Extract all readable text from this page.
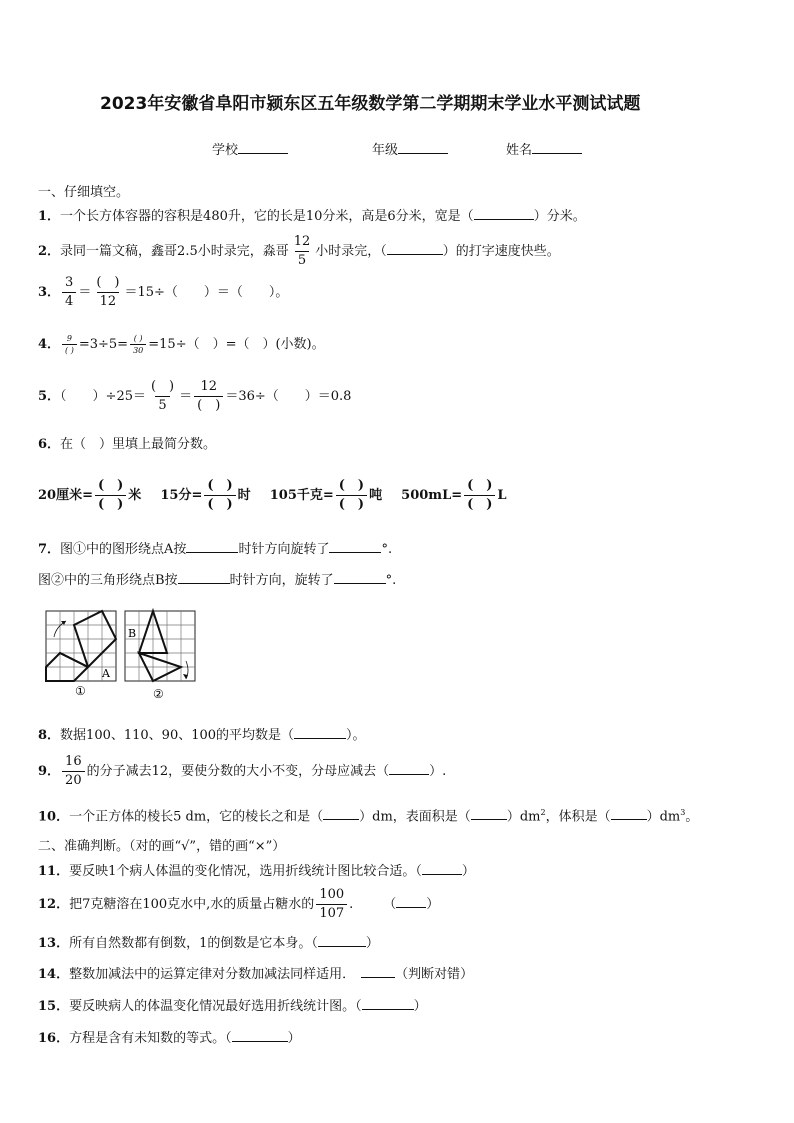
2023年安徽省阜阳市颍东区五年级数学第二学期期末学业水平测试试题
学校	年级	姓名
一、仔细填空。
1．一个长方体容器的容积是480升，它的长是10分米，高是6分米，宽是（	）分米。
2．录同一篇文稿，鑫哥2.5小时录完，淼哥 $\frac{12}{5}$ 小时录完，（	）的打字速度快些。
3． $\frac{3}{4} = \frac{( )}{12} =15\div$（　　）＝（　　）。
4． $\frac{9}{( )} =3\div 5= \frac{( )}{30} =15\div$（　）=（　）(小数)。
5．（　　）$\div 25= \frac{( )}{5} = \frac{12}{( )} =36\div$（　　）＝0.8
6．在（　）里填上最简分数。
20厘米= $\frac{( )}{( )}$ 米 15分= $\frac{( )}{( )}$ 时 105千克= $\frac{( )}{( )}$ 吨 $500mL= \frac{( )}{( )}$ L
7．图①中的图形绕点A按	时针方向旋转了	°.
图②中的三角形绕点B按	时针方向，旋转了	°.
A
①
B
②
8．数据100、110、90、100的平均数是（	）。
9． $\frac{16}{20}$ 的分子减去12，要使分数的大小不变，分母应减去（	）.
10．一个正方体的棱长5 dm，它的棱长之和是（	）dm，表面积是（	）$dm^2$，体积是（	）$dm^3$。
二、准确判断。（对的画“√”，错的画“×”）
11．要反映1个病人体温的变化情况，选用折线统计图比较合适。（	）
12．把7克糖溶在100克水中,水的质量占糖水的 $\frac{100}{107}$ . （ ）
13．所有自然数都有倒数，1的倒数是它本身。（	）
14．整数加减法中的运算定律对分数加减法同样适用．	（判断对错）
15．要反映病人的体温变化情况最好选用折线统计图。（	）
16．方程是含有未知数的等式。（	）
